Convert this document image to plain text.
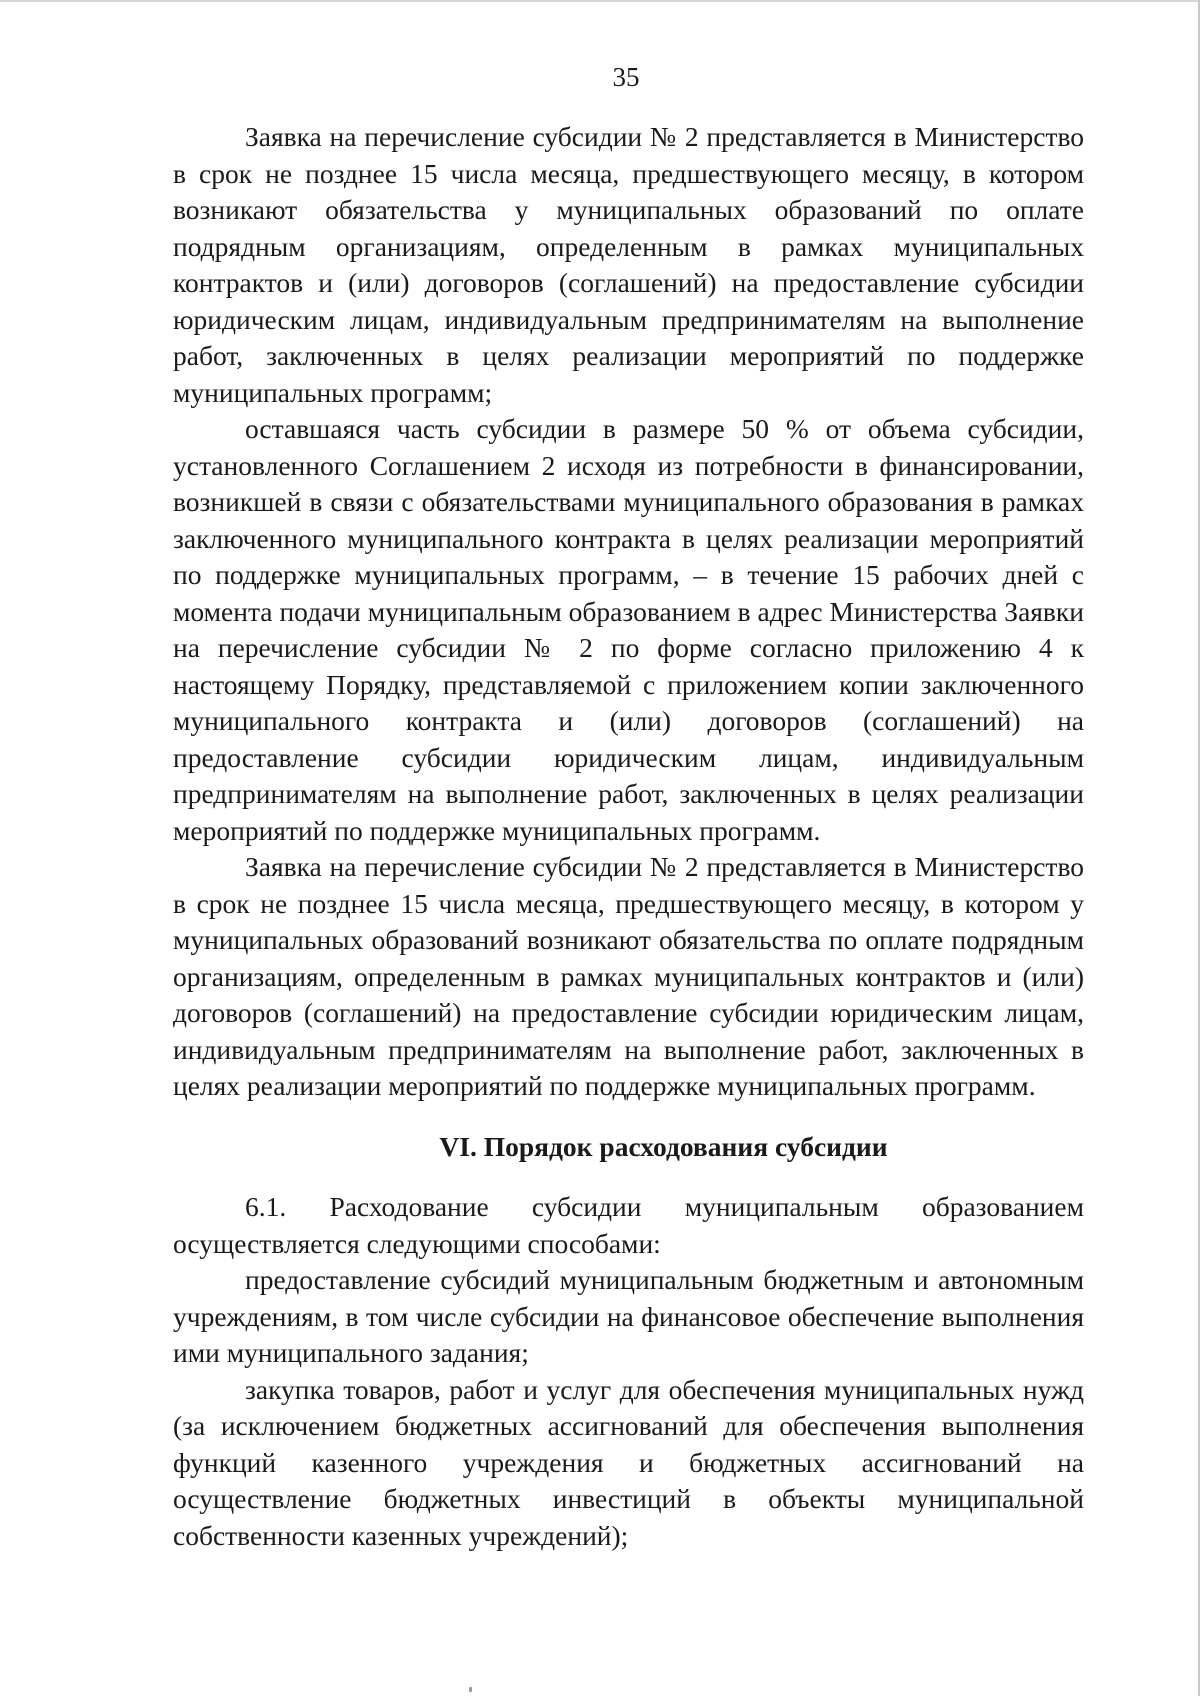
35

Заявка на перечисление субсидии № 2 представляется в Министерство в срок не позднее 15 числа месяца, предшествующего месяцу, в котором возникают обязательства у муниципальных образований по оплате подрядным организациям, определенным в рамках муниципальных контрактов и (или) договоров (соглашений) на предоставление субсидии юридическим лицам, индивидуальным предпринимателям на выполнение работ, заключенных в целях реализации мероприятий по поддержке муниципальных программ;

оставшаяся часть субсидии в размере 50 % от объема субсидии, установленного Соглашением 2 исходя из потребности в финансировании, возникшей в связи с обязательствами муниципального образования в рамках заключенного муниципального контракта в целях реализации мероприятий по поддержке муниципальных программ, – в течение 15 рабочих дней с момента подачи муниципальным образованием в адрес Министерства Заявки на перечисление субсидии № 2 по форме согласно приложению 4 к настоящему Порядку, представляемой с приложением копии заключенного муниципального контракта и (или) договоров (соглашений) на предоставление субсидии юридическим лицам, индивидуальным предпринимателям на выполнение работ, заключенных в целях реализации мероприятий по поддержке муниципальных программ.

Заявка на перечисление субсидии № 2 представляется в Министерство в срок не позднее 15 числа месяца, предшествующего месяцу, в котором у муниципальных образований возникают обязательства по оплате подрядным организациям, определенным в рамках муниципальных контрактов и (или) договоров (соглашений) на предоставление субсидии юридическим лицам, индивидуальным предпринимателям на выполнение работ, заключенных в целях реализации мероприятий по поддержке муниципальных программ.

VI. Порядок расходования субсидии

6.1. Расходование субсидии муниципальным образованием осуществляется следующими способами:

предоставление субсидий муниципальным бюджетным и автономным учреждениям, в том числе субсидии на финансовое обеспечение выполнения ими муниципального задания;

закупка товаров, работ и услуг для обеспечения муниципальных нужд (за исключением бюджетных ассигнований для обеспечения выполнения функций казенного учреждения и бюджетных ассигнований на осуществление бюджетных инвестиций в объекты муниципальной собственности казенных учреждений);
